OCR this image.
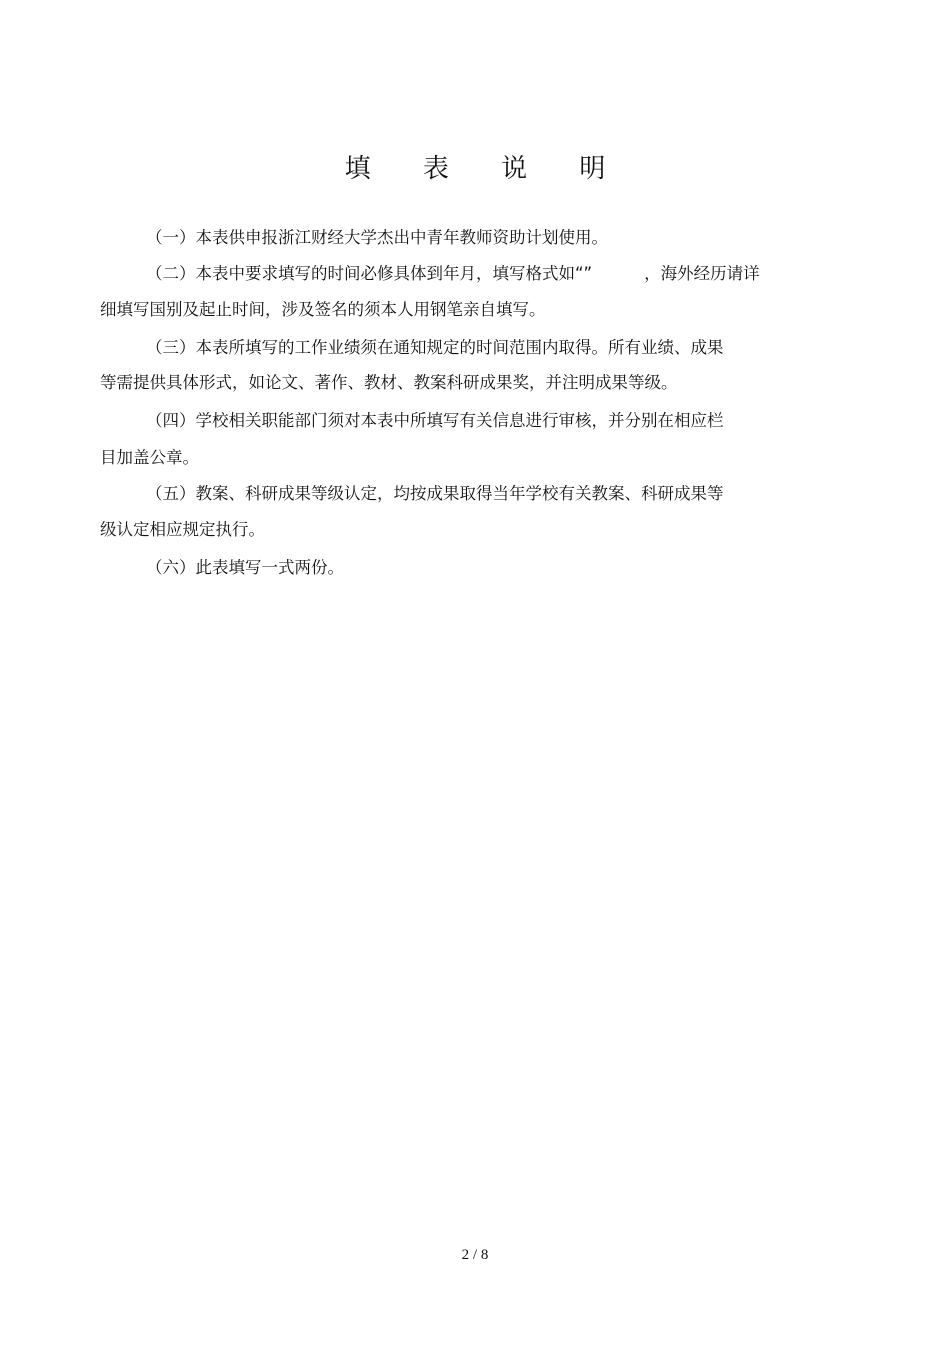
填 表 说 明
（一）本表供申报浙江财经大学杰出中青年教师资助计划使用。
（二）本表中要求填写的时间必修具体到年月，填写格式如“”	，海外经历请详
细填写国别及起止时间，涉及签名的须本人用钢笔亲自填写。
（三）本表所填写的工作业绩须在通知规定的时间范围内取得。所有业绩、成果
等需提供具体形式，如论文、著作、教材、教案科研成果奖，并注明成果等级。
（四）学校相关职能部门须对本表中所填写有关信息进行审核，并分别在相应栏
目加盖公章。
（五）教案、科研成果等级认定，均按成果取得当年学校有关教案、科研成果等
级认定相应规定执行。
（六）此表填写一式两份。
2 / 8
